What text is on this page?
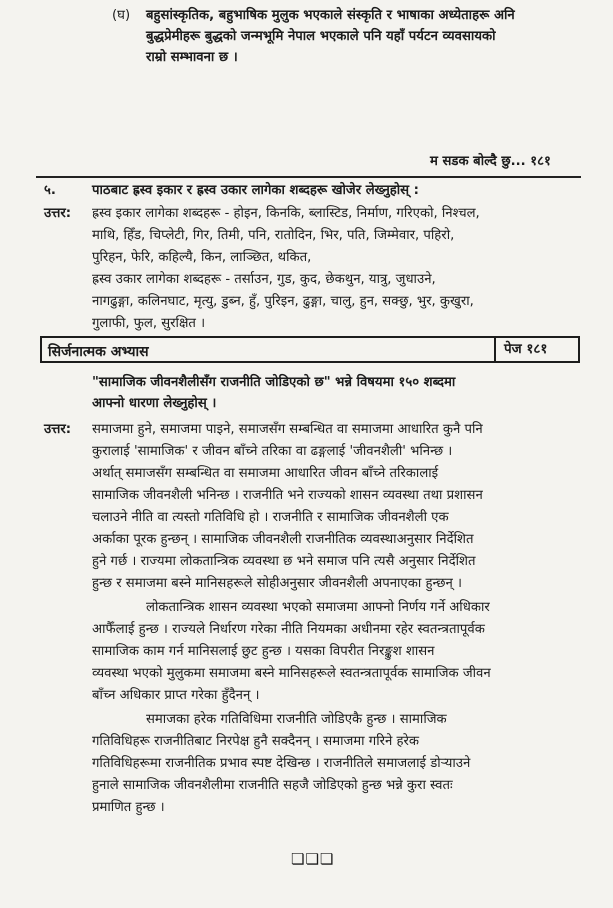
(घ) बहुसांस्कृतिक, बहुभाषिक मुलुक भएकाले संस्कृति र भाषाका अध्येताहरू अनि
बुद्धप्रेमीहरू बुद्धको जन्मभूमि नेपाल भएकाले पनि यहाँ पर्यटन व्यवसायको
राम्रो सम्भावना छ ।
म सडक बोल्दै छु... १८१
५.	पाठबाट ह्रस्व इकार र ह्रस्व उकार लागेका शब्दहरू खोजेर लेख्नुहोस् :
उत्तर: ह्रस्व इकार लागेका शब्दहरू - होइन, किनकि, ब्लास्टिड, निर्माण, गरिएको, निश्चल,
माथि, हिँड, चिप्लेटी, गिर, तिमी, पनि, रातोदिन, भिर, पति, जिम्मेवार, पहिरो,
पुरिहन, फेरि, कहिल्यै, किन, लाञ्छित, थकित,
ह्रस्व उकार लागेका शब्दहरू - तर्साउन, गुड, कुद, छेकथुन, यात्रु, जुधाउने,
नागढुङ्गा, कलिनघाट, मृत्यु, डुब्न, हुँ, पुरिइन, ढुङ्गा, चालु, हुन, सक्छु, भुर, कुखुरा,
गुलाफी, फुल, सुरक्षित ।
सिर्जनात्मक अभ्यास	पेज १८१
"सामाजिक जीवनशैलीसँग राजनीति जोडिएको छ" भन्ने विषयमा १५० शब्दमा
आफ्नो धारणा लेख्नुहोस् ।
उत्तर: समाजमा हुने, समाजमा पाइने, समाजसँग सम्बन्धित वा समाजमा आधारित कुनै पनि
कुरालाई 'सामाजिक' र जीवन बाँच्ने तरिका वा ढङ्गलाई 'जीवनशैली' भनिन्छ ।
अर्थात् समाजसँग सम्बन्धित वा समाजमा आधारित जीवन बाँच्ने तरिकालाई
सामाजिक जीवनशैली भनिन्छ । राजनीति भने राज्यको शासन व्यवस्था तथा प्रशासन
चलाउने नीति वा त्यस्तो गतिविधि हो । राजनीति र सामाजिक जीवनशैली एक
अर्काका पूरक हुन्छन् । सामाजिक जीवनशैली राजनीतिक व्यवस्थाअनुसार निर्देशित
हुने गर्छ । राज्यमा लोकतान्त्रिक व्यवस्था छ भने समाज पनि त्यसै अनुसार निर्देशित
हुन्छ र समाजमा बस्ने मानिसहरूले सोहीअनुसार जीवनशैली अपनाएका हुन्छन् ।
लोकतान्त्रिक शासन व्यवस्था भएको समाजमा आफ्नो निर्णय गर्ने अधिकार
आफैँलाई हुन्छ । राज्यले निर्धारण गरेका नीति नियमका अधीनमा रहेर स्वतन्त्रतापूर्वक
सामाजिक काम गर्न मानिसलाई छुट हुन्छ । यसका विपरीत निरङ्कुश शासन
व्यवस्था भएको मुलुकमा समाजमा बस्ने मानिसहरूले स्वतन्त्रतापूर्वक सामाजिक जीवन
बाँच्न अधिकार प्राप्त गरेका हुँदैनन् ।
समाजका हरेक गतिविधिमा राजनीति जोडिएकै हुन्छ । सामाजिक
गतिविधिहरू राजनीतिबाट निरपेक्ष हुनै सक्दैनन् । समाजमा गरिने हरेक
गतिविधिहरूमा राजनीतिक प्रभाव स्पष्ट देखिन्छ । राजनीतिले समाजलाई डोऱ्याउने
हुनाले सामाजिक जीवनशैलीमा राजनीति सहजै जोडिएको हुन्छ भन्ने कुरा स्वतः
प्रमाणित हुन्छ ।
❏❏❏
